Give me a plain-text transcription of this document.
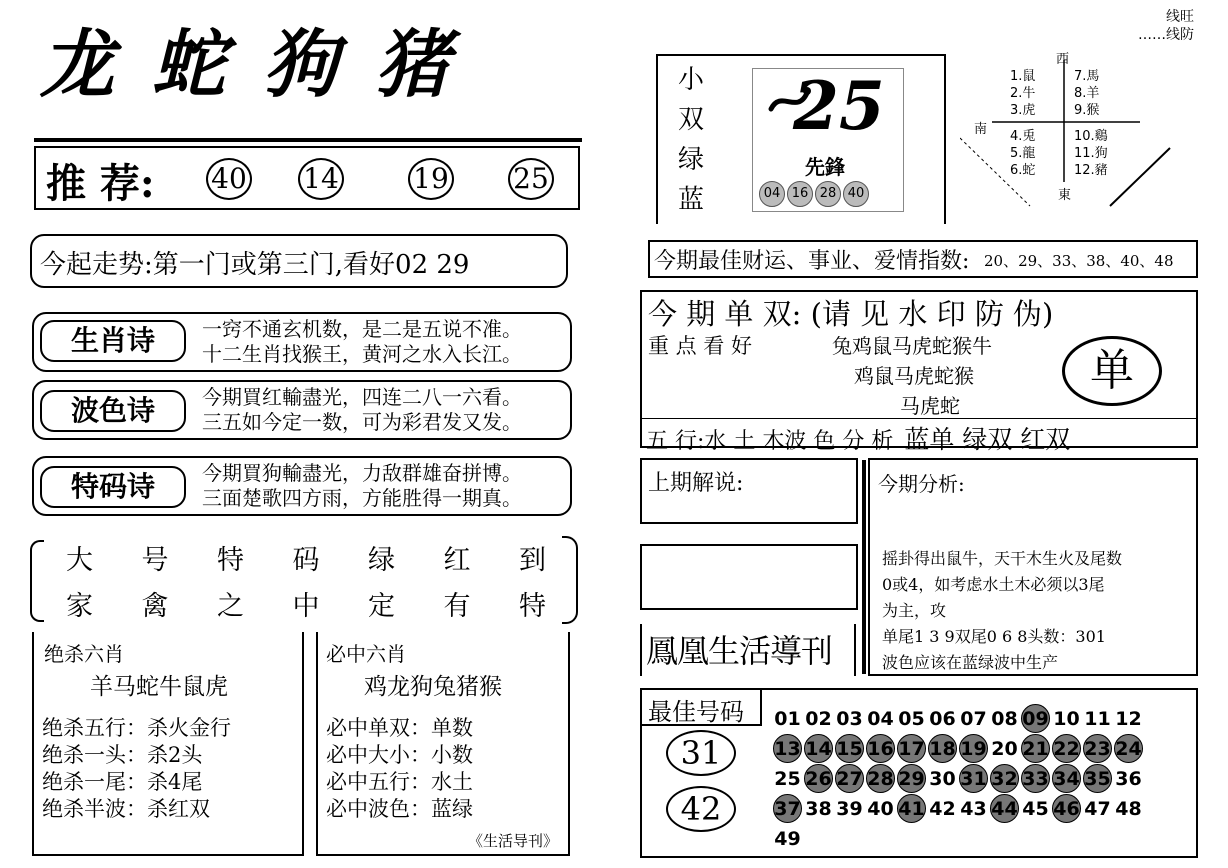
线旺
……线防
龙 蛇 狗 猪
推 荐: 40 14	19 25
今起走势:第一门或第三门,看好02 29
生肖诗	一窍不通玄机数，是二是五说不准。
十二生肖找猴王，黄河之水入长江。
波色诗	今期買红輸盡光，四连二八一六看。
三五如今定一数，可为彩君发又发。
特码诗	今期買狗輸盡光，力敌群雄奋拼博。
三面楚歌四方雨，方能胜得一期真。
大 号 特 码 绿 红 到
家 禽 之 中 定 有 特
绝杀六肖
羊马蛇牛鼠虎
绝杀五行：杀火金行
绝杀一头：杀2头
绝杀一尾：杀4尾
绝杀半波：杀红双
必中六肖
鸡龙狗兔猪猴
必中单双：单数
必中大小：小数
必中五行：水土
必中波色：蓝绿
《生活导刊》
小
双
绿
蓝
25
先鋒
04 16 28 40
西
南
東
1.鼠
2.牛
3.虎
4.兎
5.龍
6.蛇
7.馬
8.羊
9.猴
10.鷄
11.狗
12.豬
今期最佳财运、事业、爱情指数: 20、29、33、38、40、48
今 期 单 双: (请 见 水 印 防 伪)
重 点 看 好	兔鸡鼠马虎蛇猴牛
鸡鼠马虎蛇猴
马虎蛇
单
五 行:水 土 木波 色 分 析 蓝单 绿双 红双
上期解说:
鳳凰生活導刊
今期分析:
摇卦得出鼠牛，天干木生火及尾数
0或4，如考虑水土木必须以3尾
为主，攻
单尾1 3 9双尾0 6 8头数：301
波色应该在蓝绿波中生产
最佳号码
31
42
01 02 03 04 05 06 07 08 09 10 11 12
13 14 15 16 17 18 19 20 21 22 23 24
25 26 27 28 29 30 31 32 33 34 35 36
37 38 39 40 41 42 43 44 45 46 47 48
49
